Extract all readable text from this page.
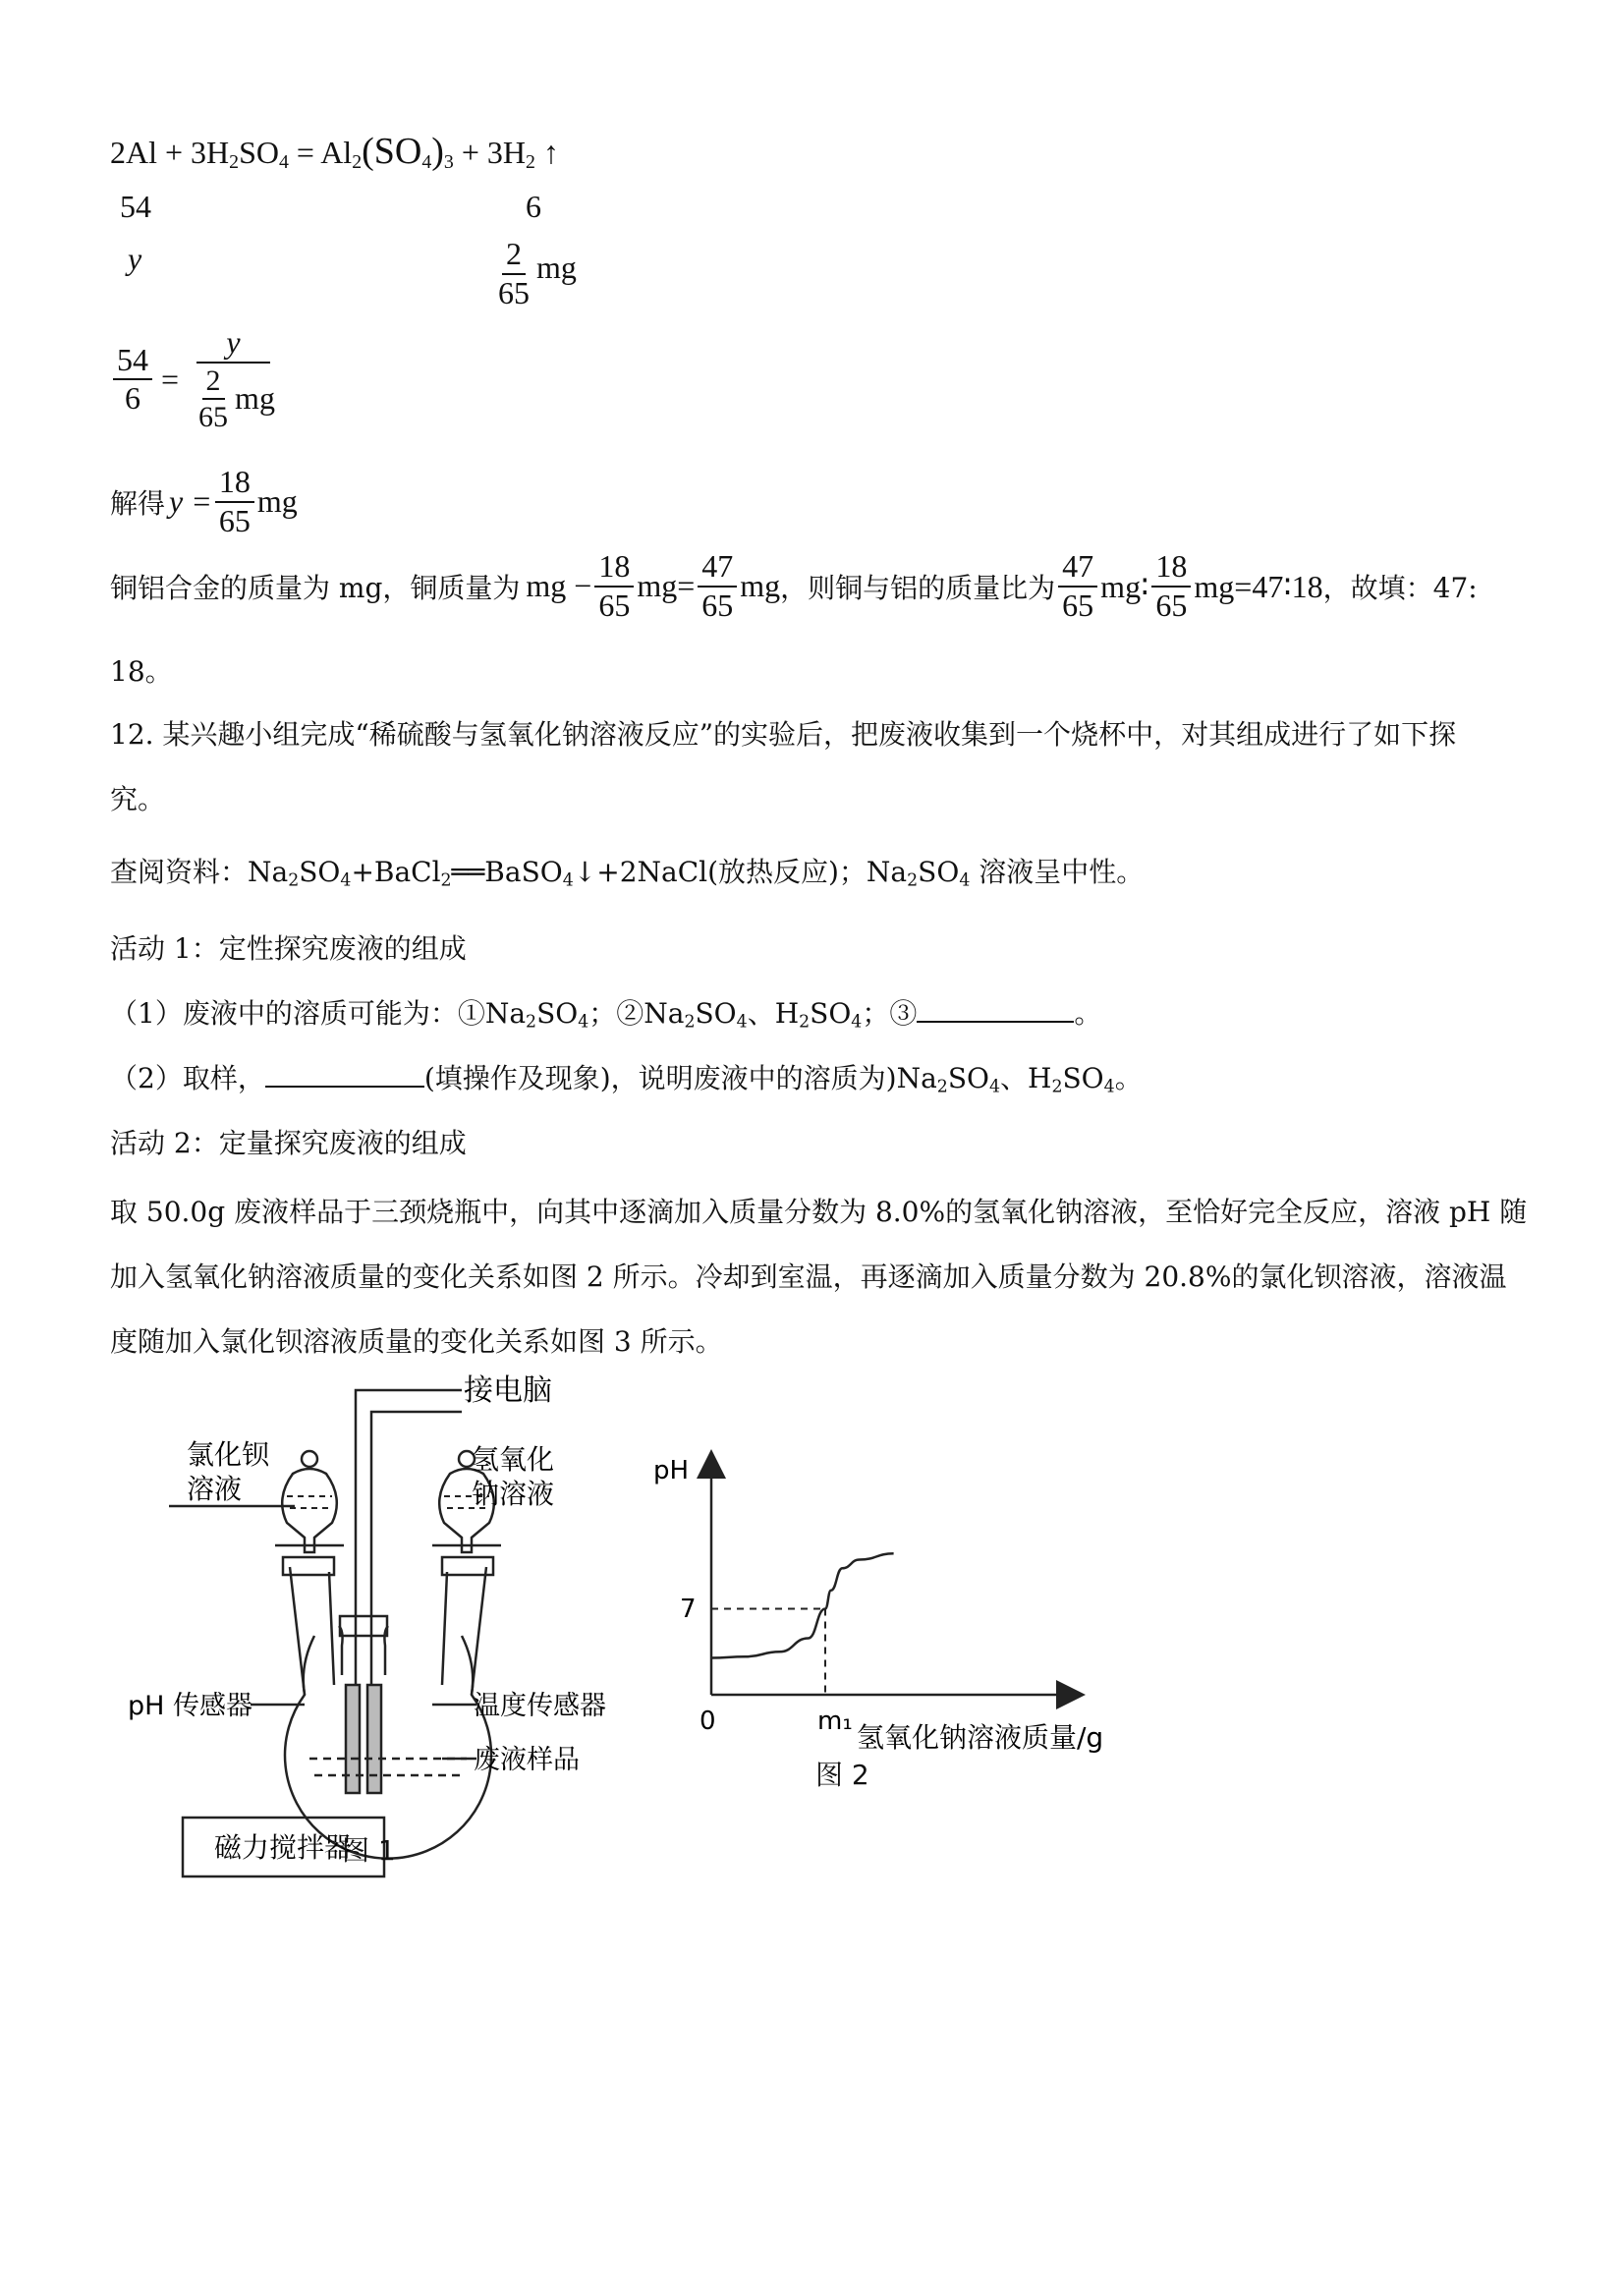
$2Al + 3H_2SO_4 = Al_2(SO_4)_3 + 3H_2$ ↑
54	6
y	$\frac{2}{65}$ mg
$\frac{54}{6} = \frac{y}{\frac{2}{65} mg}$
解得 $y = \frac{18}{65}$ mg
铜铝合金的质量为 mg，铜质量为 mg − $\frac{18}{65} mg= \frac{47}{65}$ mg ，则铜与铝的质量比为 $\frac{47}{65}$ mg∶ $\frac{18}{65}$ mg=47∶18 ，故填：47:
18。
12. 某兴趣小组完成“稀硫酸与氢氧化钠溶液反应”的实验后，把废液收集到一个烧杯中，对其组成进行了如下探
究。
查阅资料：$Na_2SO_4+BaCl_2══BaSO_4↓+2NaCl$(放热反应)；$Na_2SO_4$ 溶液呈中性。
活动 1：定性探究废液的组成
（1）废液中的溶质可能为：$①Na_2SO_4$；$②Na_2SO_4$、$H_2SO_4$；③	。
（2）取样，	(填操作及现象)，说明废液中的溶质为)$Na_2SO_4$、$H_2SO_4$。
活动 2：定量探究废液的组成
取 50.0g 废液样品于三颈烧瓶中，向其中逐滴加入质量分数为 8.0%的氢氧化钠溶液，至恰好完全反应，溶液 pH 随
加入氢氧化钠溶液质量的变化关系如图 2 所示。冷却到室温，再逐滴加入质量分数为 20.8%的氯化钡溶液，溶液温
度随加入氯化钡溶液质量的变化关系如图 3 所示。
接电脑
氯化钡
溶液
氢氧化
钠溶液
pH 传感器	温度传感器
废液样品
磁力搅拌器
图 1
pH
7
0	m₁ 氢氧化钠溶液质量/g
图 2
